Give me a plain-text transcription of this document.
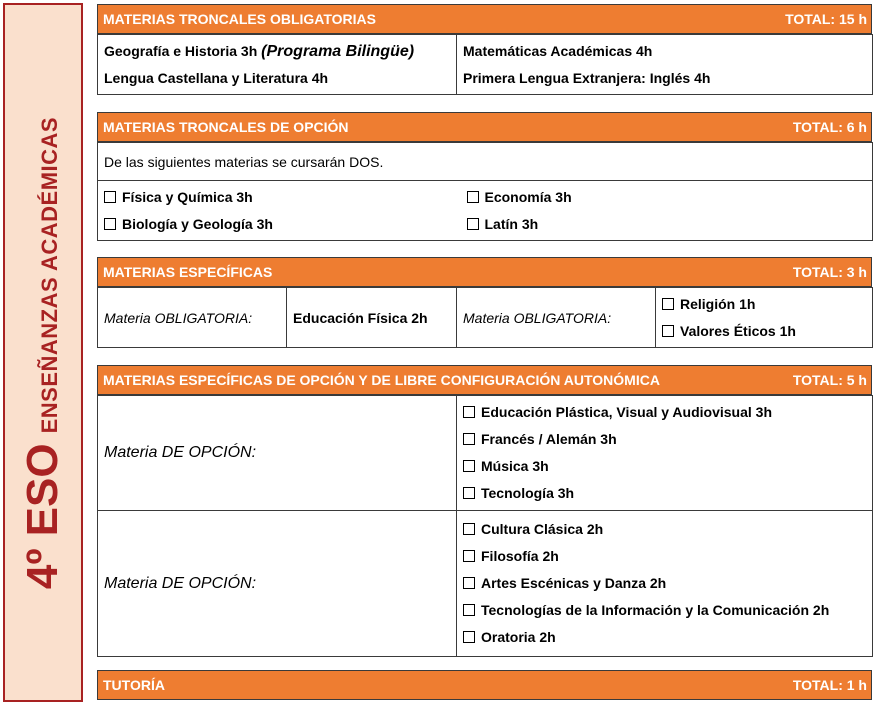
4º ESO
ENSEÑANZAS ACADÉMICAS
MATERIAS TRONCALES OBLIGATORIAS	TOTAL: 15 h
Geografía e Historia 3h (Programa Bilingüe)
Lengua Castellana y Literatura 4h

Matemáticas Académicas 4h
Primera Lengua Extranjera: Inglés 4h
MATERIAS TRONCALES DE OPCIÓN	TOTAL: 6 h
De las siguientes materias se cursarán DOS.

Física y Química 3h
Biología y Geología 3h

Economía 3h
Latín 3h
MATERIAS ESPECÍFICAS	TOTAL: 3 h
Materia OBLIGATORIA:	Educación Física 2h	Materia OBLIGATORIA:	
Religión 1h
Valores Éticos 1h
MATERIAS ESPECÍFICAS DE OPCIÓN Y DE LIBRE CONFIGURACIÓN AUTONÓMICA	TOTAL: 5 h
Materia DE OPCIÓN:	Educación Plástica, Visual y Audiovisual 3h
Francés / Alemán 3h
Música 3h
Tecnología 3h

Materia DE OPCIÓN:	Cultura Clásica 2h
Filosofía 2h
Artes Escénicas y Danza 2h
Tecnologías de la Información y la Comunicación 2h
Oratoria 2h
TUTORÍA	TOTAL: 1 h
